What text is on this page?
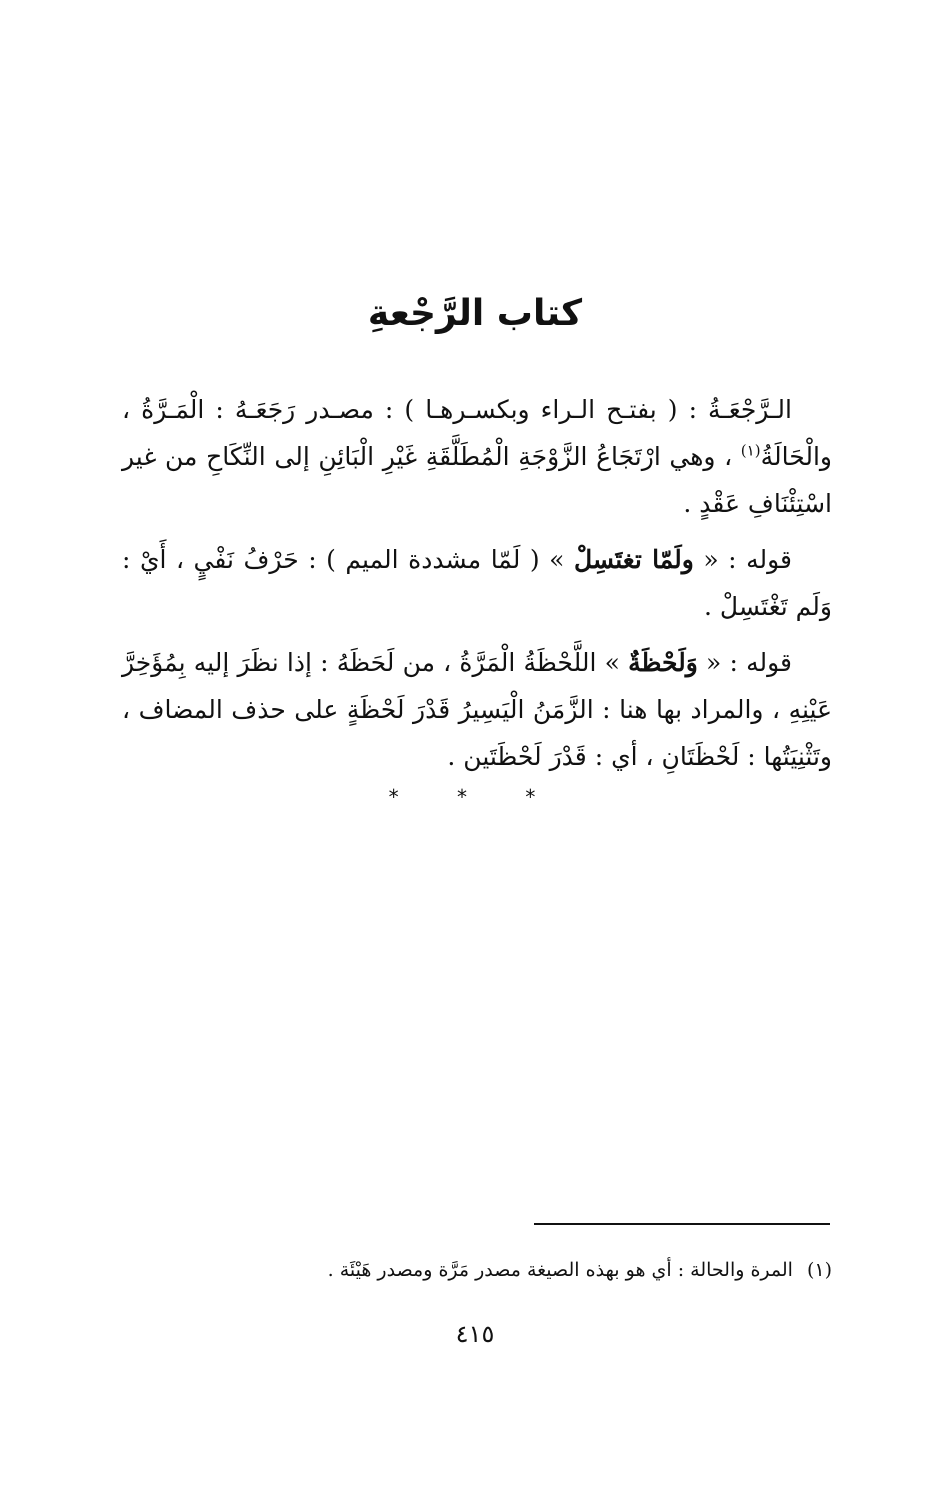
كتاب الرَّجْعةِ

الـرَّجْعَـةُ : ( بفتـح الـراء وبكسـرهـا ) : مصـدر رَجَعَـهُ : الْمَـرَّةُ ، والْحَالَةُ$^{(١)}$ ، وهي ارْتَجَاعُ الزَّوْجَةِ الْمُطَلَّقَةِ غَيْرِ الْبَائِنِ إلى النِّكَاحِ من غير اسْتِئْنَافِ عَقْدٍ .

قوله : « ولَمّا تغتَسِلْ » ( لَمّا مشددة الميم ) : حَرْفُ نَفْيٍ ، أَيْ : وَلَم تَغْتَسِلْ .

قوله : « وَلَحْظَةٌ » اللَّحْظَةُ الْمَرَّةُ ، من لَحَظَهُ : إذا نظَرَ إليه بِمُؤَخِرَّ عَيْنِهِ ، والمراد بها هنا : الزَّمَنُ الْيَسِيرُ قَدْرَ لَحْظَةٍ على حذف المضاف ، وتَثْنِيَتُها : لَحْظَتَانِ ، أي : قَدْرَ لَحْظَتَين .

* * *
(١)المرة والحالة : أي هو بهذه الصيغة مصدر مَرَّة ومصدر هَيْئَة .
٤١٥
